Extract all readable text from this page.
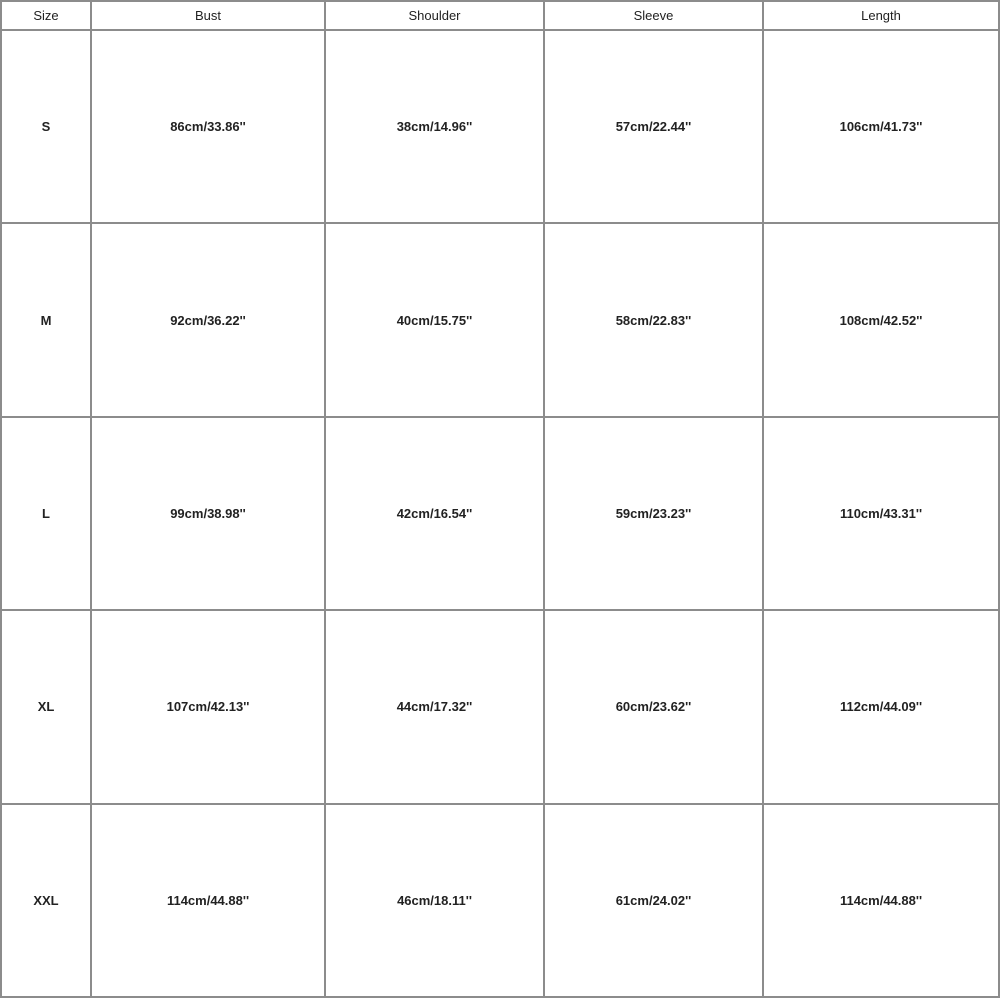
Size	Bust	Shoulder	Sleeve	Length
S	86cm/33.86''	38cm/14.96''	57cm/22.44''	106cm/41.73''
M	92cm/36.22''	40cm/15.75''	58cm/22.83''	108cm/42.52''
L	99cm/38.98''	42cm/16.54''	59cm/23.23''	110cm/43.31''
XL	107cm/42.13''	44cm/17.32''	60cm/23.62''	112cm/44.09''
XXL	114cm/44.88''	46cm/18.11''	61cm/24.02''	114cm/44.88''
